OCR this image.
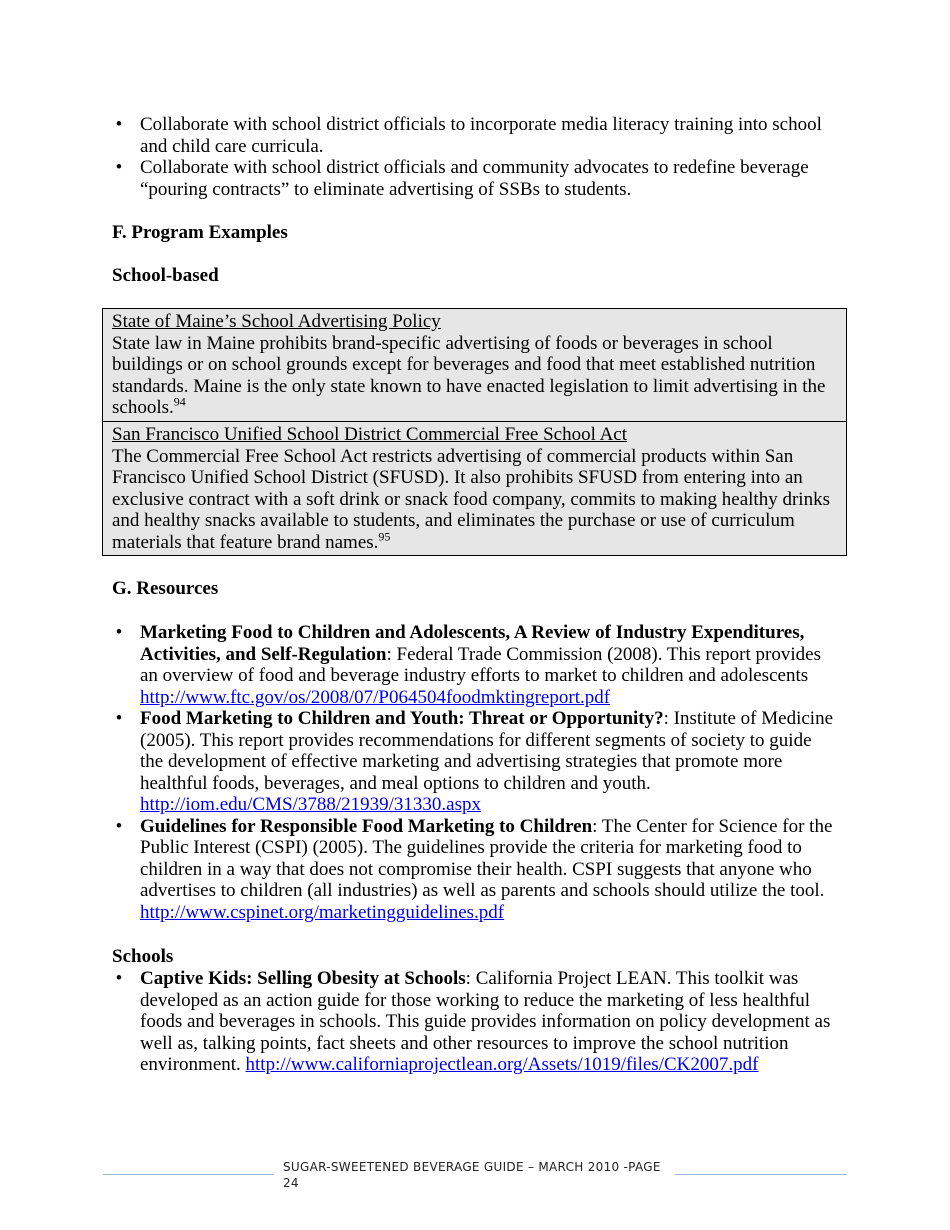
• Collaborate with school district officials to incorporate media literacy training into school and child care curricula.
• Collaborate with school district officials and community advocates to redefine beverage “pouring contracts” to eliminate advertising of SSBs to students.
F. Program Examples
School-based
State of Maine’s School Advertising Policy
State law in Maine prohibits brand-specific advertising of foods or beverages in school buildings or on school grounds except for beverages and food that meet established nutrition standards. Maine is the only state known to have enacted legislation to limit advertising in the schools.$^{94}$
San Francisco Unified School District Commercial Free School Act
The Commercial Free School Act restricts advertising of commercial products within San Francisco Unified School District (SFUSD). It also prohibits SFUSD from entering into an exclusive contract with a soft drink or snack food company, commits to making healthy drinks and healthy snacks available to students, and eliminates the purchase or use of curriculum materials that feature brand names.$^{95}$
G. Resources
• Marketing Food to Children and Adolescents, A Review of Industry Expenditures, Activities, and Self-Regulation: Federal Trade Commission (2008). This report provides an overview of food and beverage industry efforts to market to children and adolescents
http://www.ftc.gov/os/2008/07/P064504foodmktingreport.pdf
• Food Marketing to Children and Youth: Threat or Opportunity?: Institute of Medicine (2005). This report provides recommendations for different segments of society to guide the development of effective marketing and advertising strategies that promote more healthful foods, beverages, and meal options to children and youth.
http://iom.edu/CMS/3788/21939/31330.aspx
• Guidelines for Responsible Food Marketing to Children: The Center for Science for the Public Interest (CSPI) (2005). The guidelines provide the criteria for marketing food to children in a way that does not compromise their health. CSPI suggests that anyone who advertises to children (all industries) as well as parents and schools should utilize the tool.
http://www.cspinet.org/marketingguidelines.pdf
Schools
• Captive Kids: Selling Obesity at Schools: California Project LEAN. This toolkit was developed as an action guide for those working to reduce the marketing of less healthful foods and beverages in schools. This guide provides information on policy development as well as, talking points, fact sheets and other resources to improve the school nutrition environment. http://www.californiaprojectlean.org/Assets/1019/files/CK2007.pdf
SUGAR-SWEETENED BEVERAGE GUIDE – MARCH 2010 -PAGE 24
